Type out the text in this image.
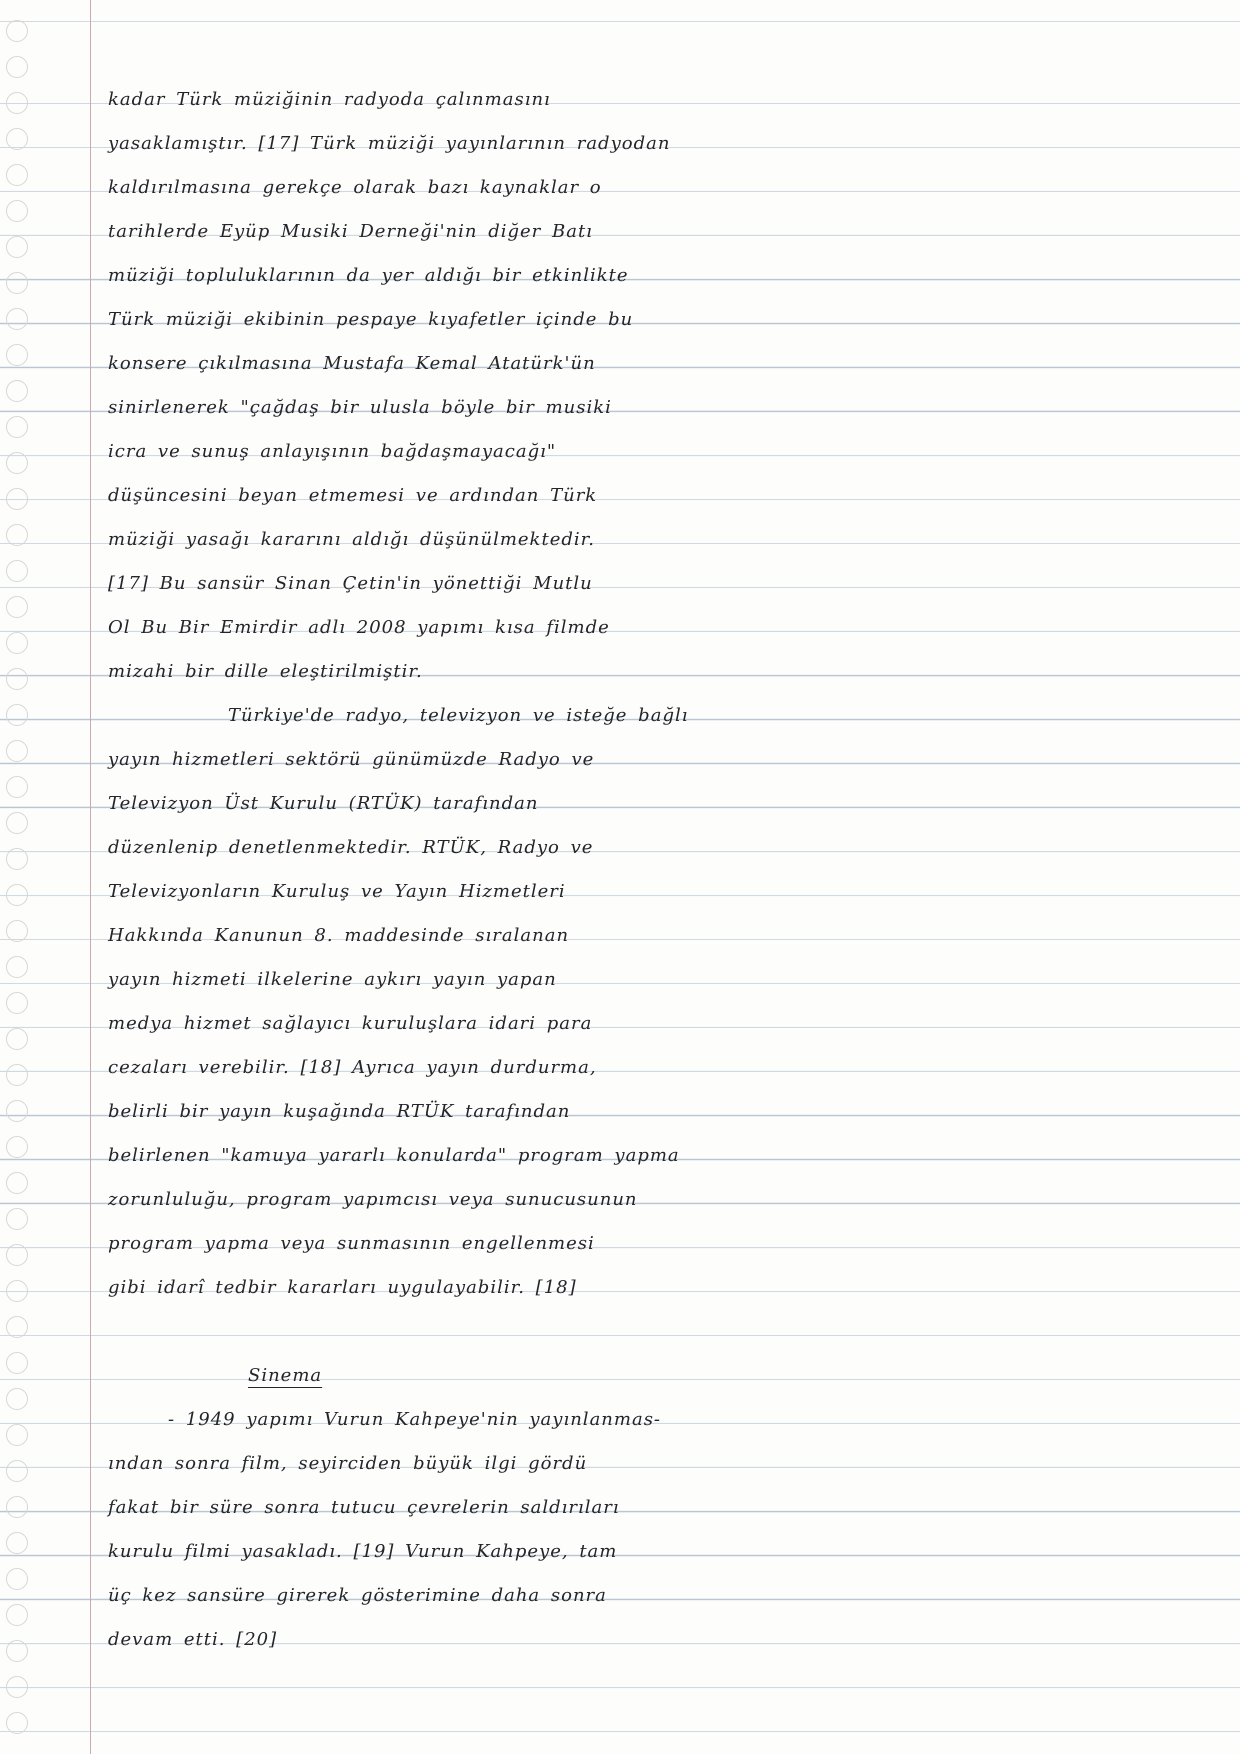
kadar Türk müziğinin radyoda çalınmasını
yasaklamıştır. [17] Türk müziği yayınlarının radyodan
kaldırılmasına gerekçe olarak bazı kaynaklar o
tarihlerde Eyüp Musiki Derneği'nin diğer Batı
müziği topluluklarının da yer aldığı bir etkinlikte
Türk müziği ekibinin pespaye kıyafetler içinde bu
konsere çıkılmasına Mustafa Kemal Atatürk'ün
sinirlenerek "çağdaş bir ulusla böyle bir musiki
icra ve sunuş anlayışının bağdaşmayacağı"
düşüncesini beyan etmemesi ve ardından Türk
müziği yasağı kararını aldığı düşünülmektedir.
[17] Bu sansür Sinan Çetin'in yönettiği Mutlu
Ol Bu Bir Emirdir adlı 2008 yapımı kısa filmde
mizahi bir dille eleştirilmiştir.
Türkiye'de radyo, televizyon ve isteğe bağlı
yayın hizmetleri sektörü günümüzde Radyo ve
Televizyon Üst Kurulu (RTÜK) tarafından
düzenlenip denetlenmektedir. RTÜK, Radyo ve
Televizyonların Kuruluş ve Yayın Hizmetleri
Hakkında Kanunun 8. maddesinde sıralanan
yayın hizmeti ilkelerine aykırı yayın yapan
medya hizmet sağlayıcı kuruluşlara idari para
cezaları verebilir. [18] Ayrıca yayın durdurma,
belirli bir yayın kuşağında RTÜK tarafından
belirlenen "kamuya yararlı konularda" program yapma
zorunluluğu, program yapımcısı veya sunucusunun
program yapma veya sunmasının engellenmesi
gibi idarî tedbir kararları uygulayabilir. [18]
Sinema
- 1949 yapımı Vurun Kahpeye'nin yayınlanmas-
ından sonra film, seyirciden büyük ilgi gördü
fakat bir süre sonra tutucu çevrelerin saldırıları
kurulu filmi yasakladı. [19] Vurun Kahpeye, tam
üç kez sansüre girerek gösterimine daha sonra
devam etti. [20]
